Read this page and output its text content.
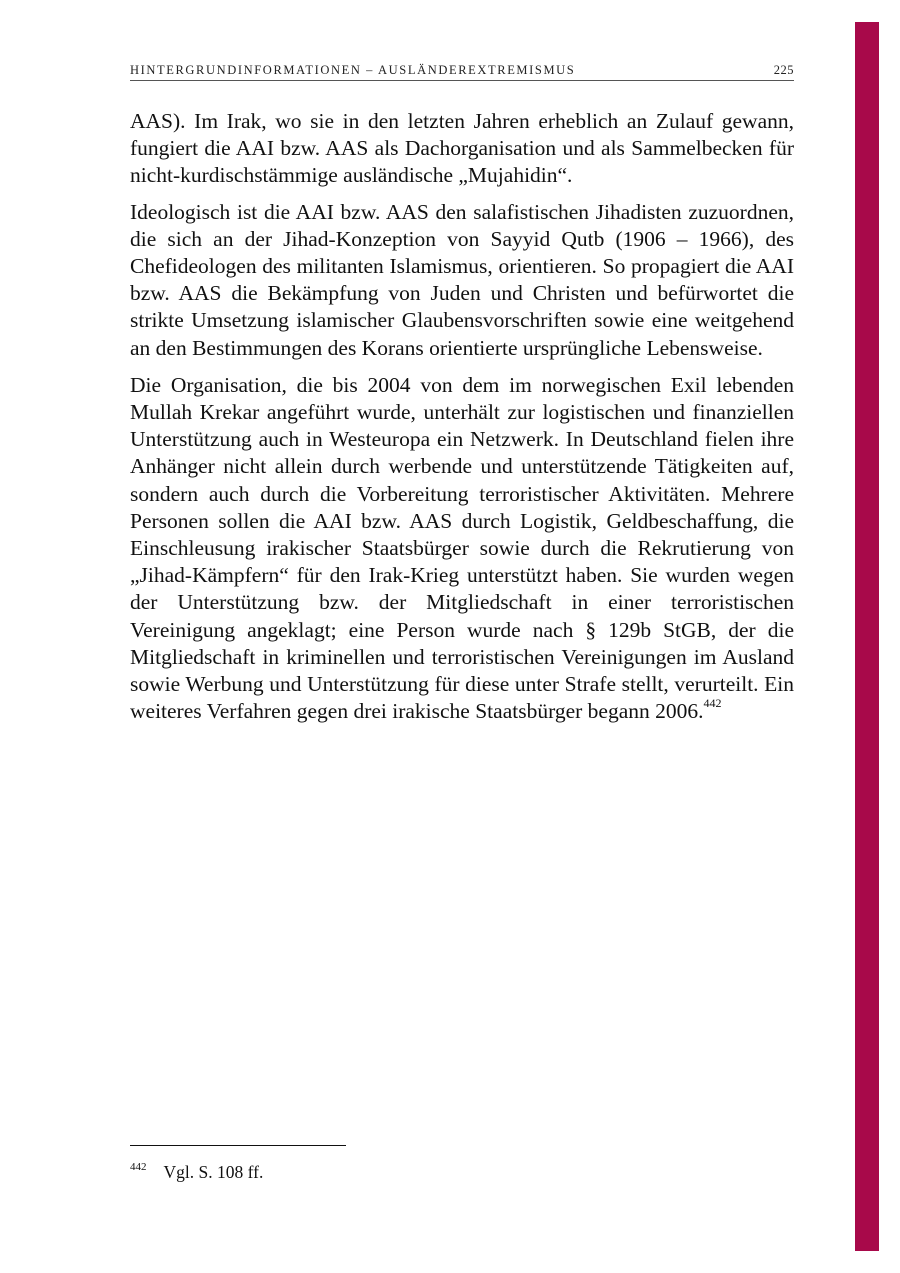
HINTERGRUNDINFORMATIONEN – AUSLÄNDEREXTREMISMUS	225

AAS). Im Irak, wo sie in den letzten Jahren erheblich an Zulauf gewann, fungiert die AAI bzw. AAS als Dachorganisation und als Sammelbecken für nicht-kurdischstämmige ausländische „Mujahidin“.

Ideologisch ist die AAI bzw. AAS den salafistischen Jihadisten zuzuordnen, die sich an der Jihad-Konzeption von Sayyid Qutb (1906 – 1966), des Chefideologen des militanten Islamismus, orientieren. So propagiert die AAI bzw. AAS die Bekämpfung von Juden und Christen und befürwortet die strikte Umsetzung islamischer Glaubensvorschriften sowie eine weitgehend an den Bestimmungen des Korans orientierte ursprüngliche Lebensweise.

Die Organisation, die bis 2004 von dem im norwegischen Exil lebenden Mullah Krekar angeführt wurde, unterhält zur logistischen und finanziellen Unterstützung auch in Westeuropa ein Netzwerk. In Deutschland fielen ihre Anhänger nicht allein durch werbende und unterstützende Tätigkeiten auf, sondern auch durch die Vorbereitung terroristischer Aktivitäten. Mehrere Personen sollen die AAI bzw. AAS durch Logistik, Geldbeschaffung, die Einschleusung irakischer Staatsbürger sowie durch die Rekrutierung von „Jihad-Kämpfern“ für den Irak-Krieg unterstützt haben. Sie wurden wegen der Unterstützung bzw. der Mitgliedschaft in einer terroristischen Vereinigung angeklagt; eine Person wurde nach § 129b StGB, der die Mitgliedschaft in kriminellen und terroristischen Vereinigungen im Ausland sowie Werbung und Unterstützung für diese unter Strafe stellt, verurteilt. Ein weiteres Verfahren gegen drei irakische Staatsbürger begann 2006.$^{442}$

$^{442}$ Vgl. S. 108 ff.
